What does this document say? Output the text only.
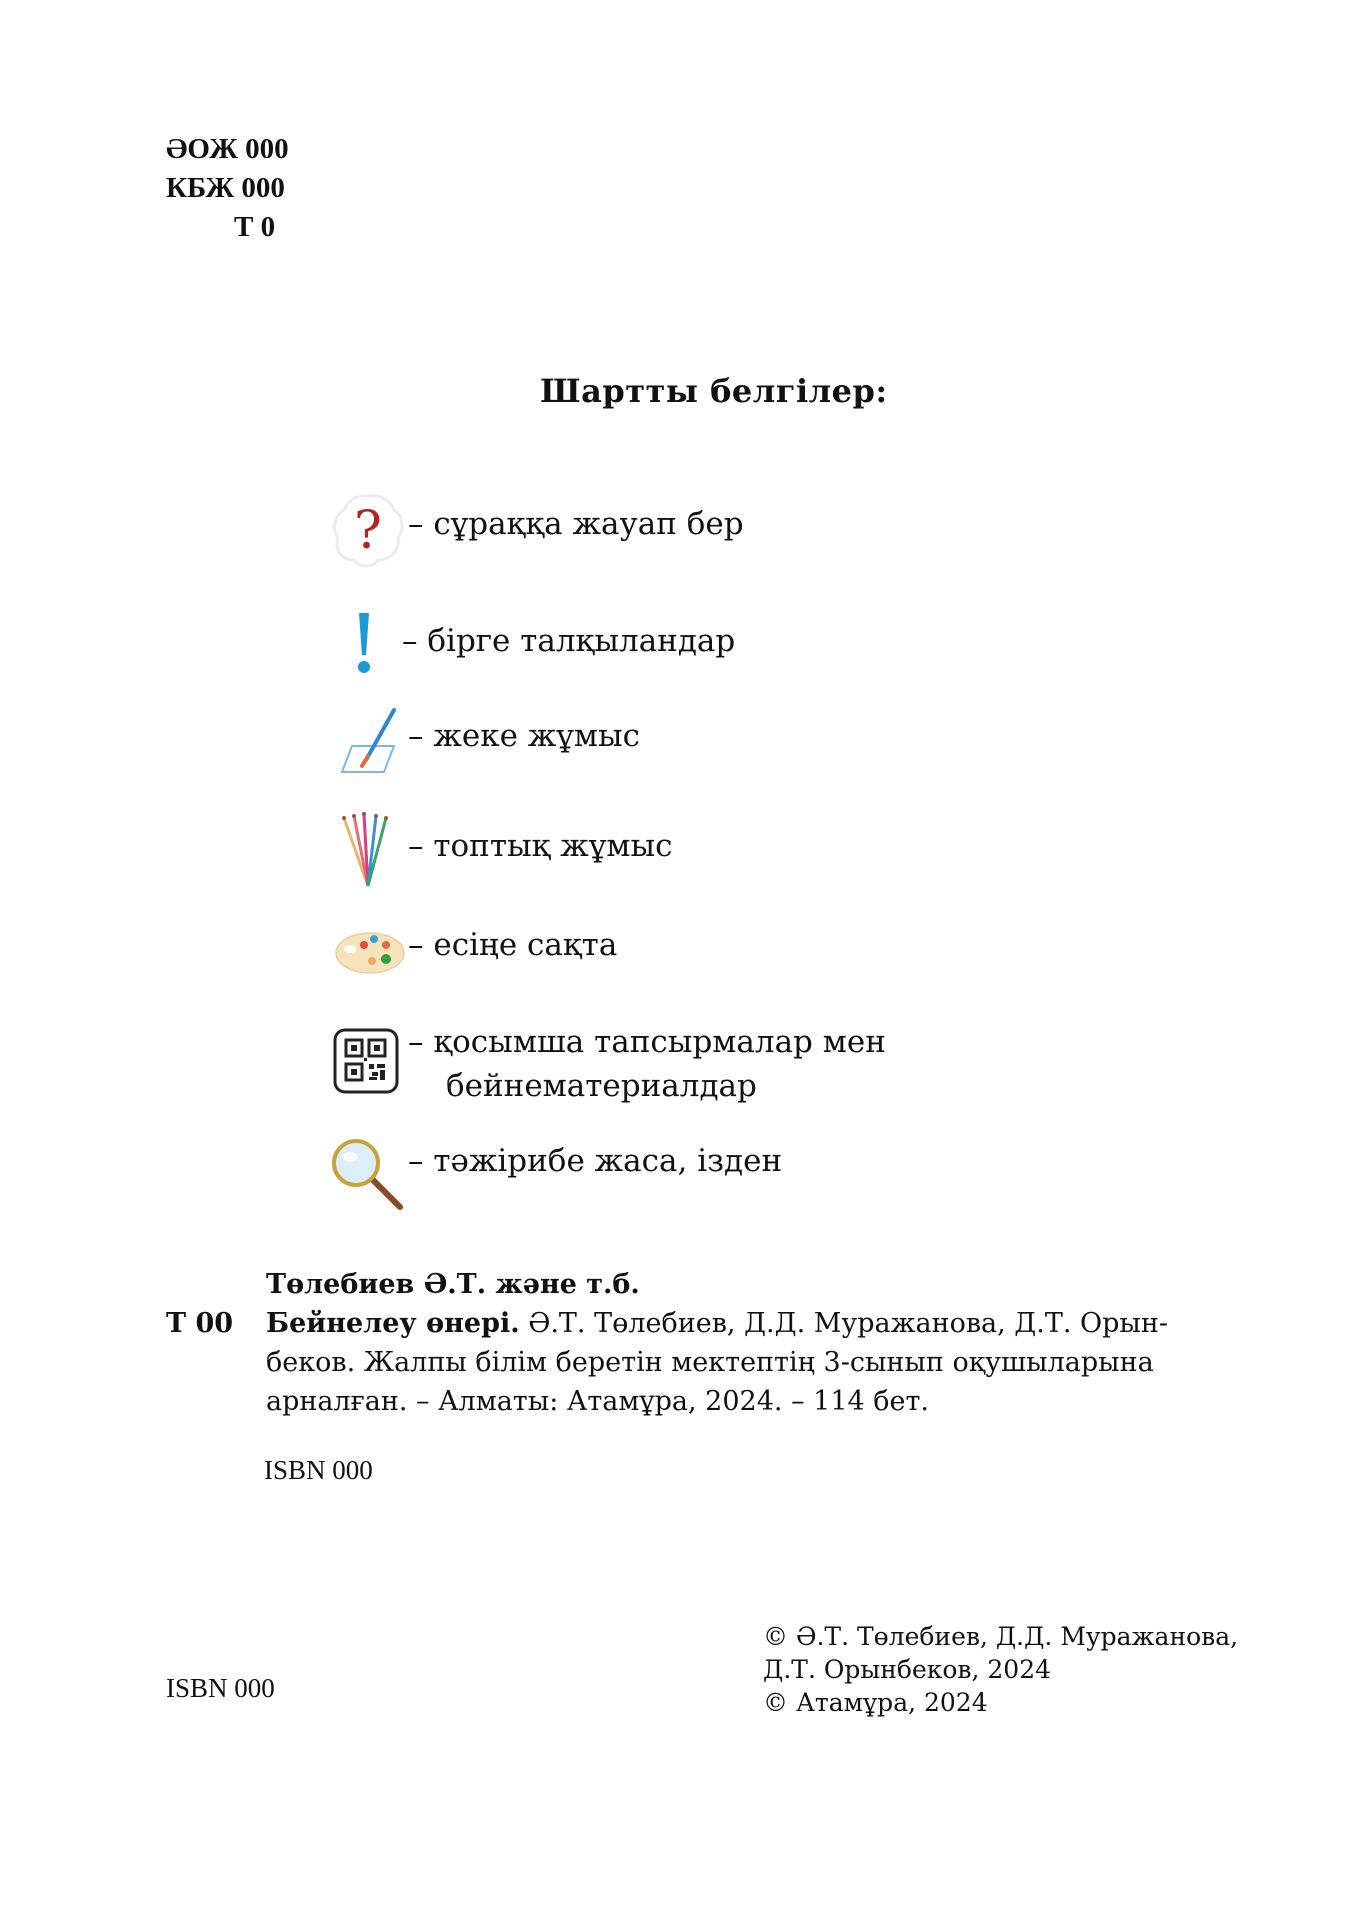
ӘОЖ 000
КБЖ 000
Т 0
Шартты белгілер:
? – сұраққа жауап бер
– бірге талқыландар
– жеке жұмыс
– топтық жұмыс
– есіңе сақта
– қосымша тапсырмалар мен
бейнематериалдар
– тәжірибе жаса, ізден
Төлебиев Ә.Т. және т.б.
Т 00	Бейнелеу өнері. Ә.Т. Төлебиев, Д.Д. Муражанова, Д.Т. Орын-
беков. Жалпы білім беретін мектептің 3-сынып оқушыларына
арналған. – Алматы: Атамұра, 2024. – 114 бет.
ISBN 000
ISBN 000
© Ә.Т. Төлебиев, Д.Д. Муражанова,
Д.Т. Орынбеков, 2024
© Атамұра, 2024
